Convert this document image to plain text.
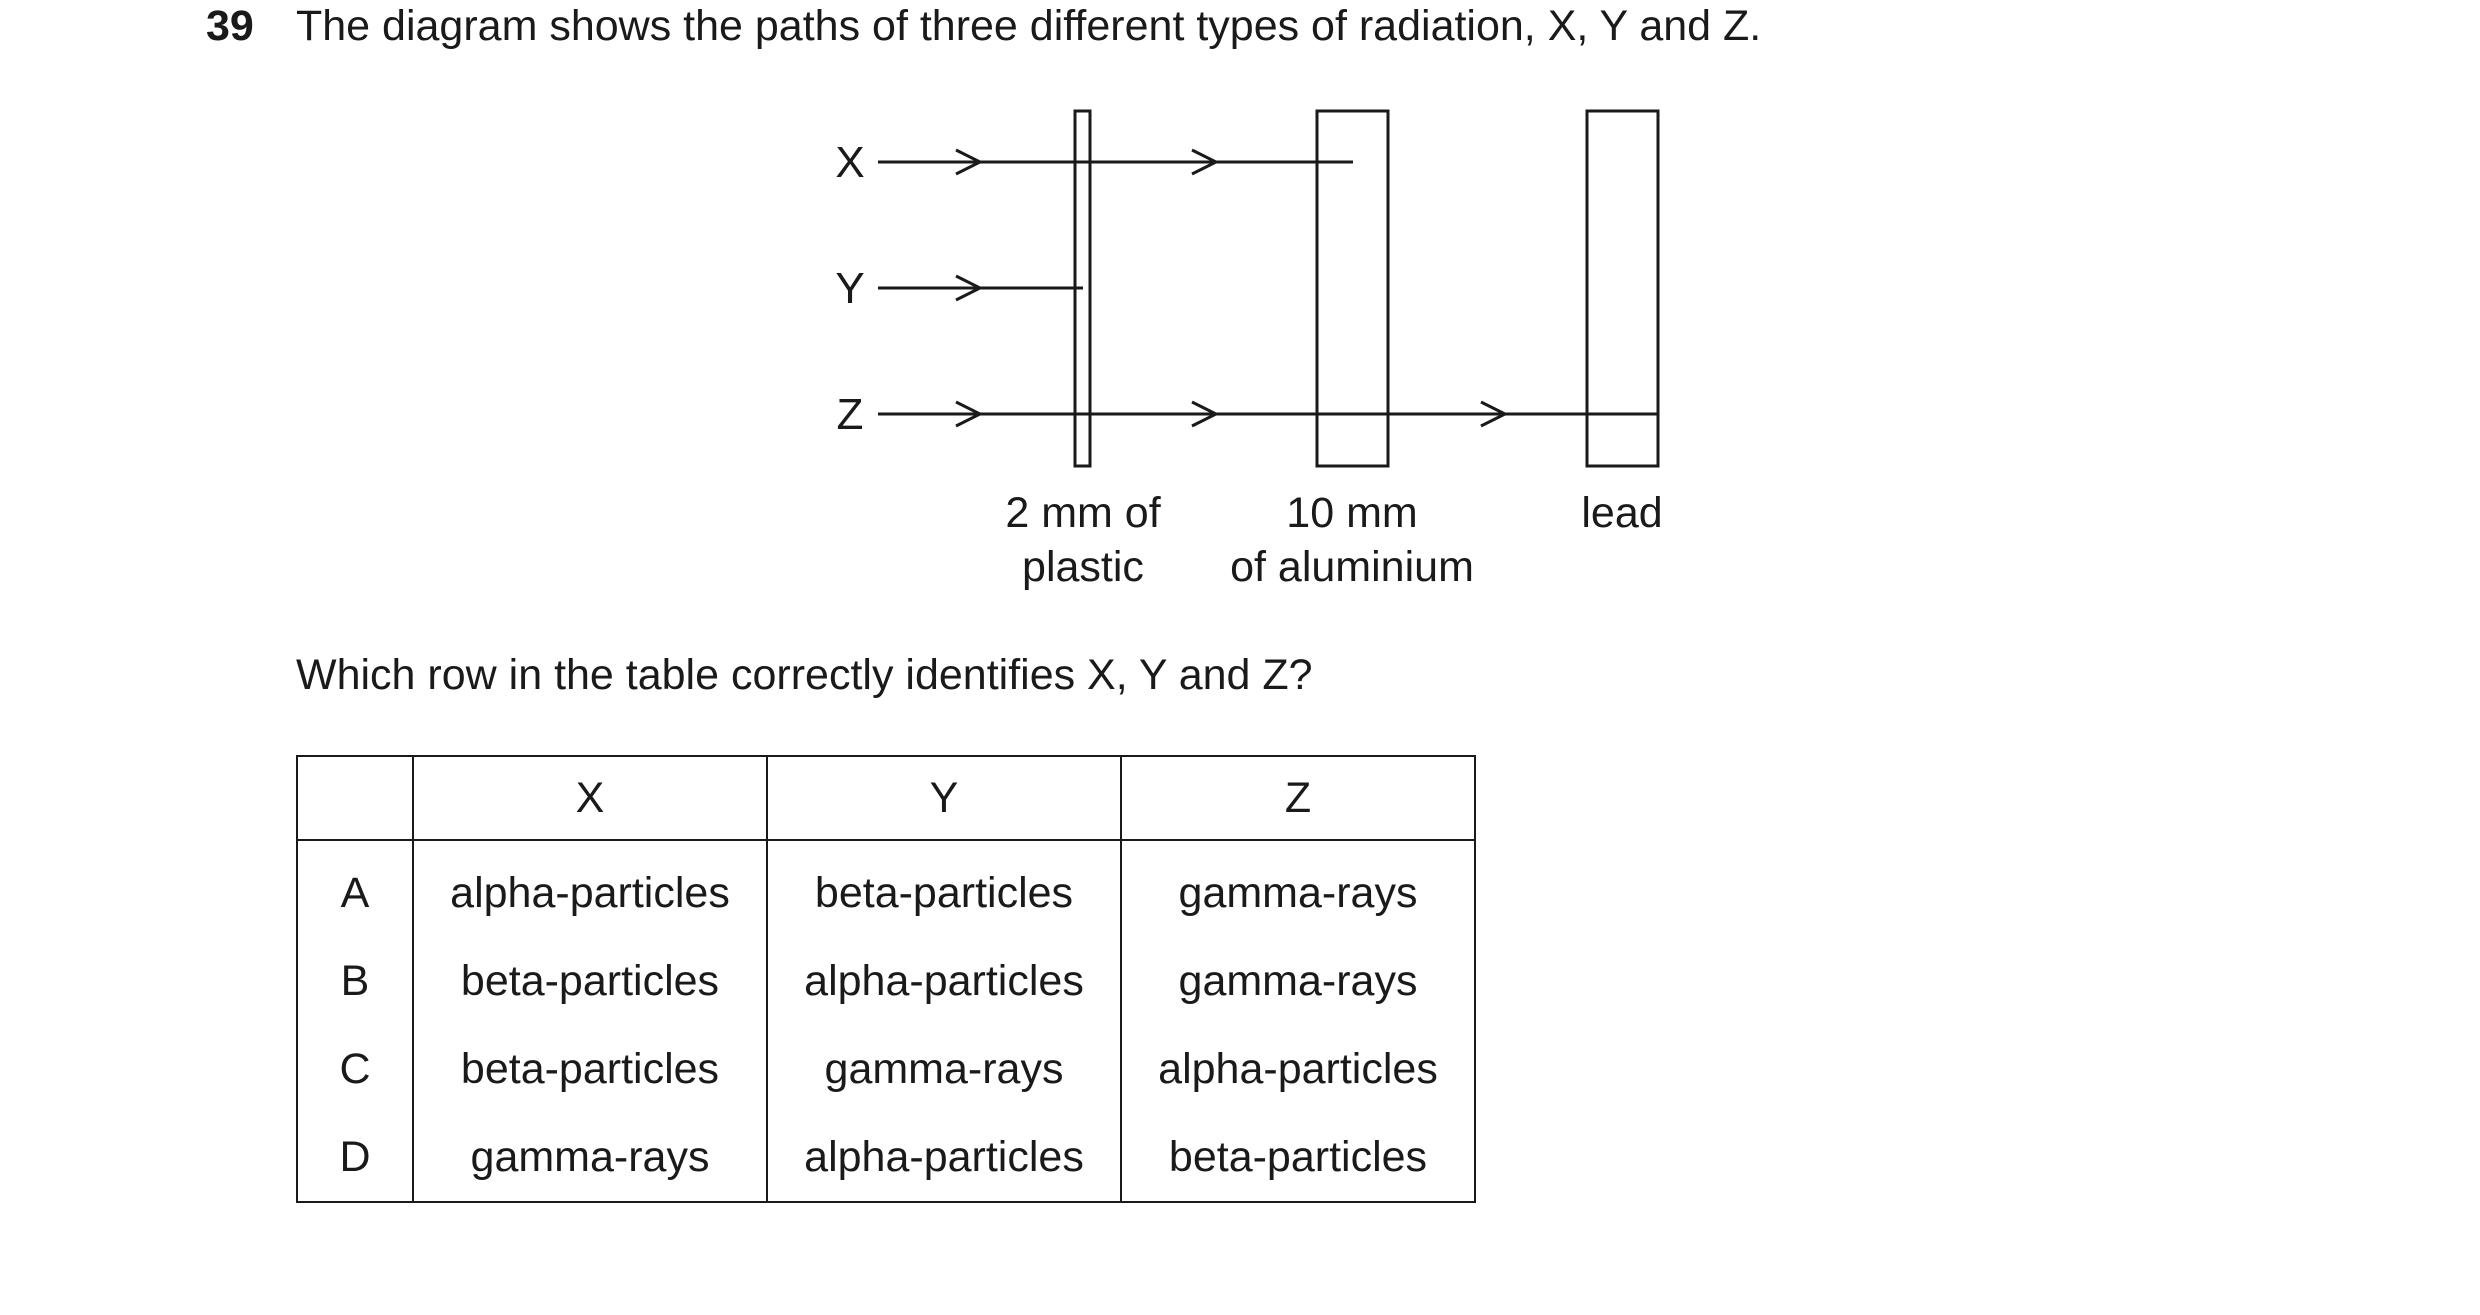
39 The diagram shows the paths of three different types of radiation, X, Y and Z.
X
Y
Z
2 mm of
plastic
10 mm
of aluminium
lead
Which row in the table correctly identifies X, Y and Z?
	X	Y	Z
A	alpha-particles	beta-particles	gamma-rays
B	beta-particles	alpha-particles	gamma-rays
C	beta-particles	gamma-rays	alpha-particles
D	gamma-rays	alpha-particles	beta-particles
